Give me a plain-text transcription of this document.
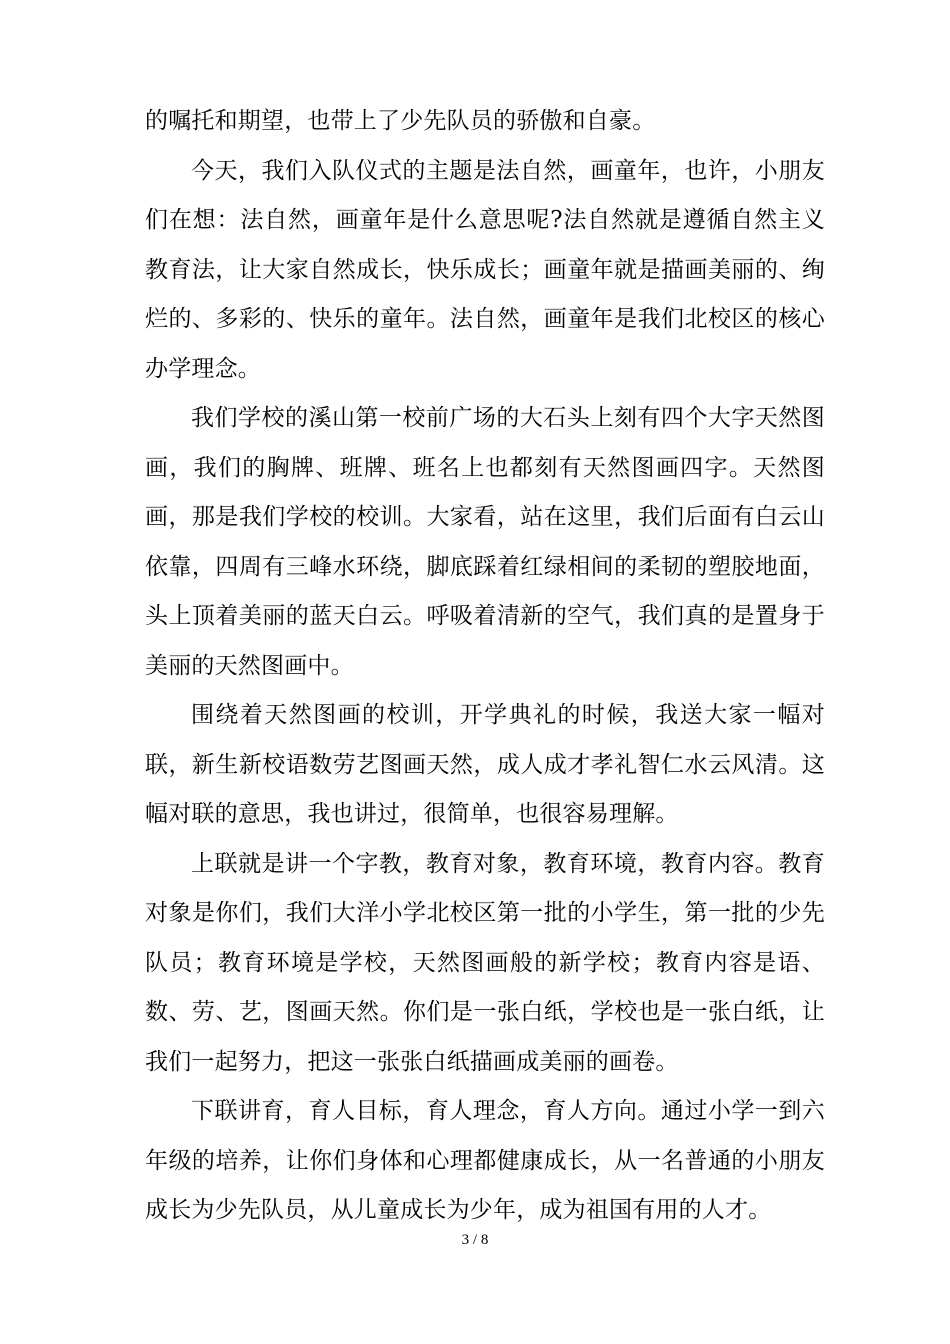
的嘱托和期望，也带上了少先队员的骄傲和自豪。

今天，我们入队仪式的主题是法自然，画童年，也许，小朋友们在想：法自然，画童年是什么意思呢?法自然就是遵循自然主义教育法，让大家自然成长，快乐成长；画童年就是描画美丽的、绚烂的、多彩的、快乐的童年。法自然，画童年是我们北校区的核心办学理念。

我们学校的溪山第一校前广场的大石头上刻有四个大字天然图画，我们的胸牌、班牌、班名上也都刻有天然图画四字。天然图画，那是我们学校的校训。大家看，站在这里，我们后面有白云山依靠，四周有三峰水环绕，脚底踩着红绿相间的柔韧的塑胶地面，头上顶着美丽的蓝天白云。呼吸着清新的空气，我们真的是置身于美丽的天然图画中。

围绕着天然图画的校训，开学典礼的时候，我送大家一幅对联，新生新校语数劳艺图画天然，成人成才孝礼智仁水云风清。这幅对联的意思，我也讲过，很简单，也很容易理解。

上联就是讲一个字教，教育对象，教育环境，教育内容。教育对象是你们，我们大洋小学北校区第一批的小学生，第一批的少先队员；教育环境是学校，天然图画般的新学校；教育内容是语、数、劳、艺，图画天然。你们是一张白纸，学校也是一张白纸，让我们一起努力，把这一张张白纸描画成美丽的画卷。

下联讲育，育人目标，育人理念，育人方向。通过小学一到六年级的培养，让你们身体和心理都健康成长，从一名普通的小朋友成长为少先队员，从儿童成长为少年，成为祖国有用的人才。

3 / 8
